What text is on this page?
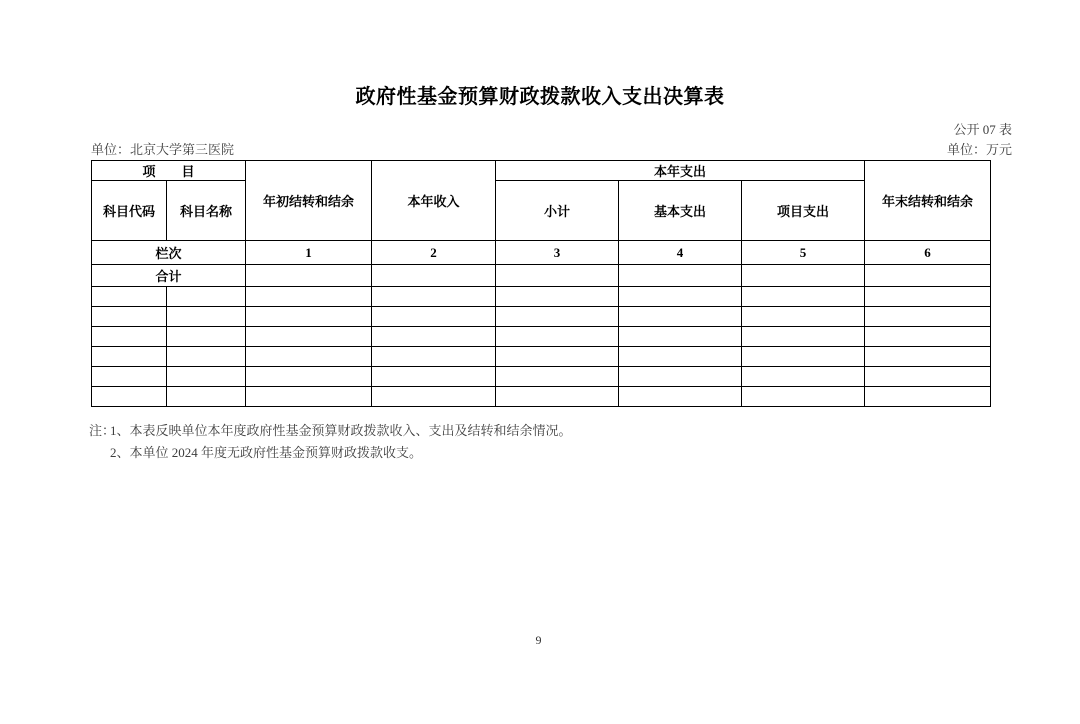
政府性基金预算财政拨款收入支出决算表
公开 07 表
单位：北京大学第三医院	单位：万元
项　　目		年初结转和结余	本年收入	本年支出			年末结转和结余
科目代码	科目名称			小计	基本支出	项目支出	
栏次		1	2	3	4	5	6
合计							

注：
1、本表反映单位本年度政府性基金预算财政拨款收入、支出及结转和结余情况。
2、本单位 2024 年度无政府性基金预算财政拨款收支。
9
